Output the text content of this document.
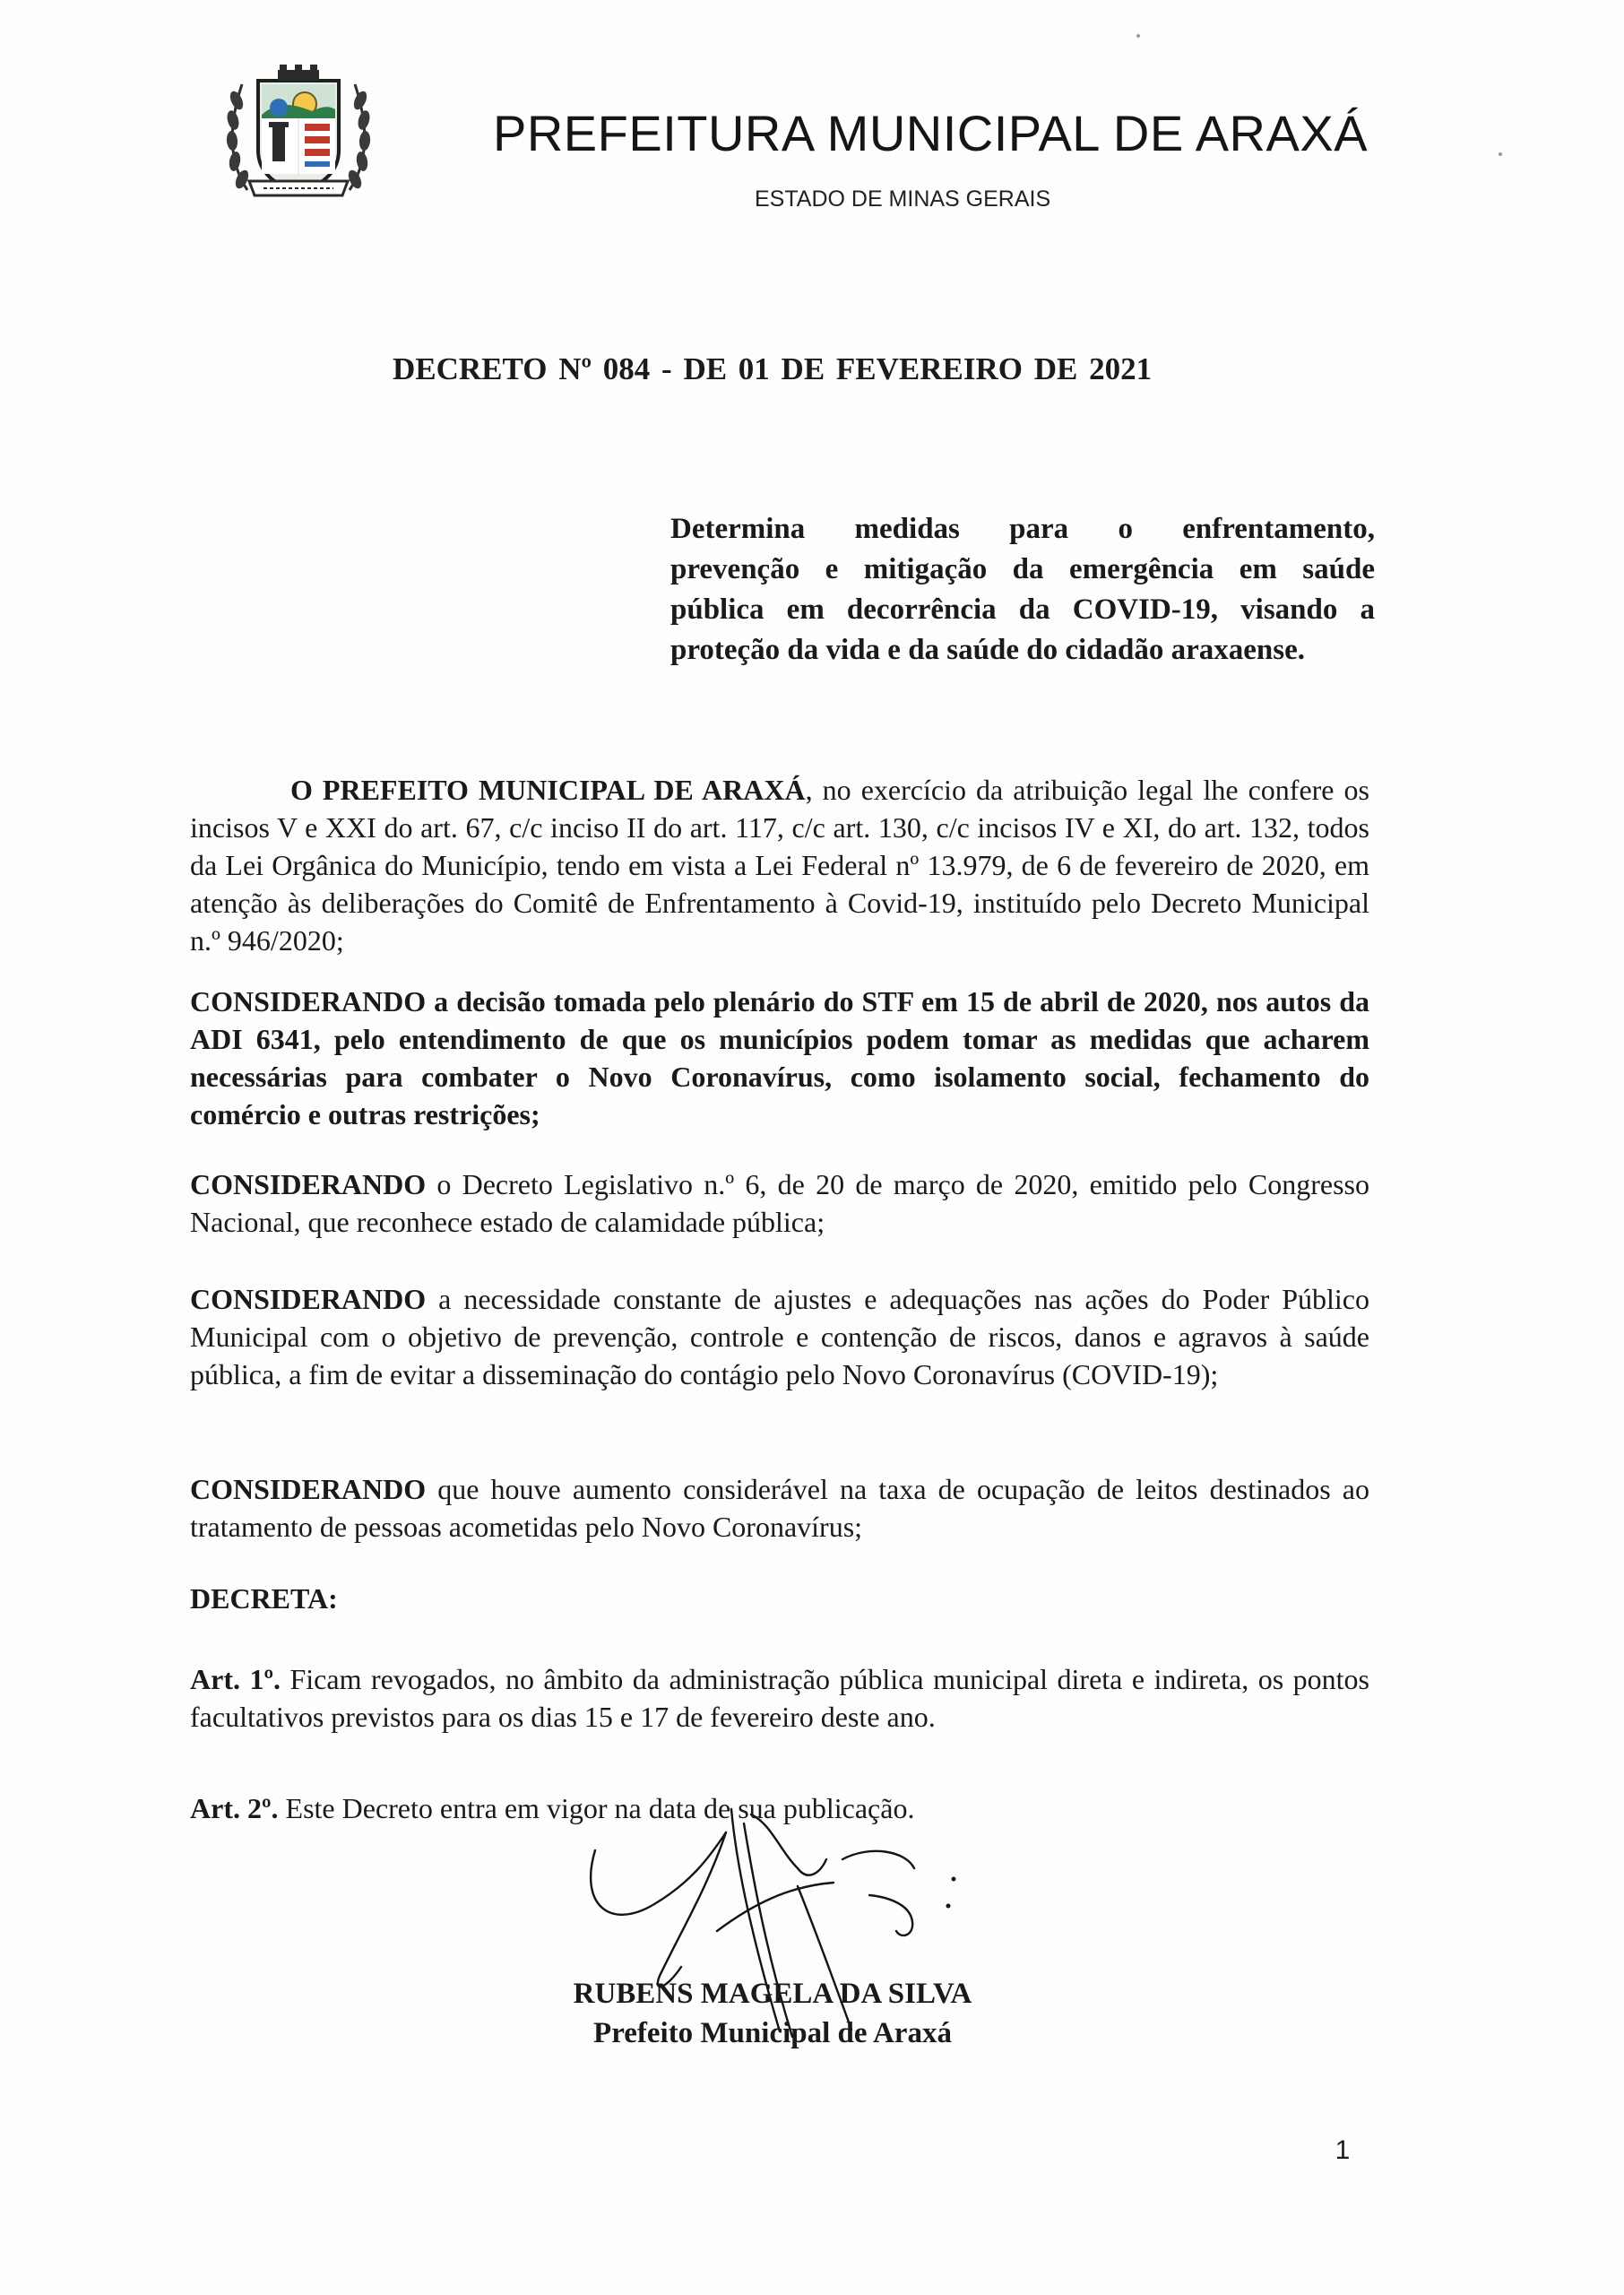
PREFEITURA MUNICIPAL DE ARAXÁ
ESTADO DE MINAS GERAIS
DECRETO Nº 084 - DE 01 DE FEVEREIRO DE 2021
Determina medidas para o enfrentamento,
prevenção e mitigação da emergência em saúde
pública em decorrência da COVID-19, visando a
proteção da vida e da saúde do cidadão araxaense.
O PREFEITO MUNICIPAL DE ARAXÁ, no exercício da atribuição legal lhe confere os incisos V e XXI do art. 67, c/c inciso II do art. 117, c/c art. 130, c/c incisos IV e XI, do art. 132, todos da Lei Orgânica do Município, tendo em vista a Lei Federal nº 13.979, de 6 de fevereiro de 2020, em atenção às deliberações do Comitê de Enfrentamento à Covid-19, instituído pelo Decreto Municipal n.º 946/2020;
CONSIDERANDO a decisão tomada pelo plenário do STF em 15 de abril de 2020, nos autos da ADI 6341, pelo entendimento de que os municípios podem tomar as medidas que acharem necessárias para combater o Novo Coronavírus, como isolamento social, fechamento do comércio e outras restrições;
CONSIDERANDO o Decreto Legislativo n.º 6, de 20 de março de 2020, emitido pelo Congresso Nacional, que reconhece estado de calamidade pública;
CONSIDERANDO a necessidade constante de ajustes e adequações nas ações do Poder Público Municipal com o objetivo de prevenção, controle e contenção de riscos, danos e agravos à saúde pública, a fim de evitar a disseminação do contágio pelo Novo Coronavírus (COVID-19);
CONSIDERANDO que houve aumento considerável na taxa de ocupação de leitos destinados ao tratamento de pessoas acometidas pelo Novo Coronavírus;
DECRETA:
Art. 1º. Ficam revogados, no âmbito da administração pública municipal direta e indireta, os pontos facultativos previstos para os dias 15 e 17 de fevereiro deste ano.
Art. 2º. Este Decreto entra em vigor na data de sua publicação.
RUBENS MAGELA DA SILVA
Prefeito Municipal de Araxá
1
